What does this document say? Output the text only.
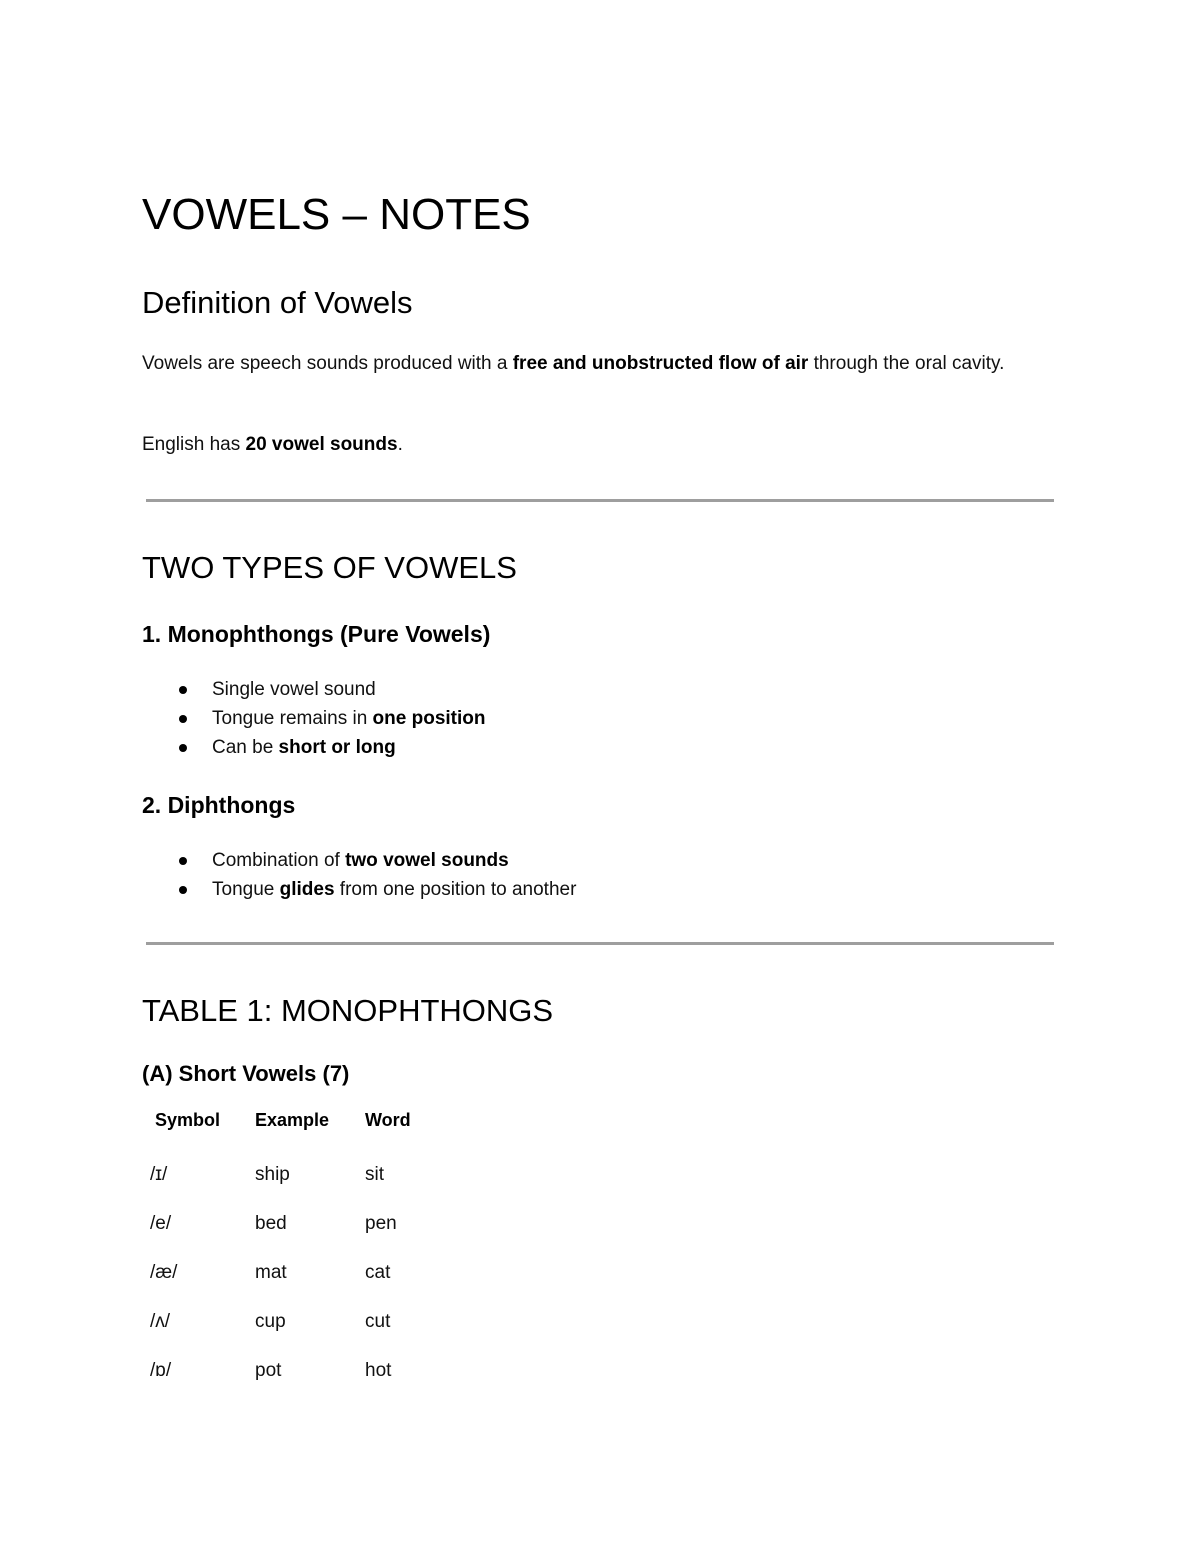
VOWELS – NOTES
Definition of Vowels

Vowels are speech sounds produced with a free and unobstructed flow of air through the oral cavity.

English has 20 vowel sounds.

TWO TYPES OF VOWELS
1. Monophthongs (Pure Vowels)
Single vowel sound
Tongue remains in one position
Can be short or long
2. Diphthongs
Combination of two vowel sounds
Tongue glides from one position to another
TABLE 1: MONOPHTHONGS
(A) Short Vowels (7)
Symbol	Example	Word
/ɪ/	ship	sit
/e/	bed	pen
/æ/	mat	cat
/ʌ/	cup	cut
/ɒ/	pot	hot
